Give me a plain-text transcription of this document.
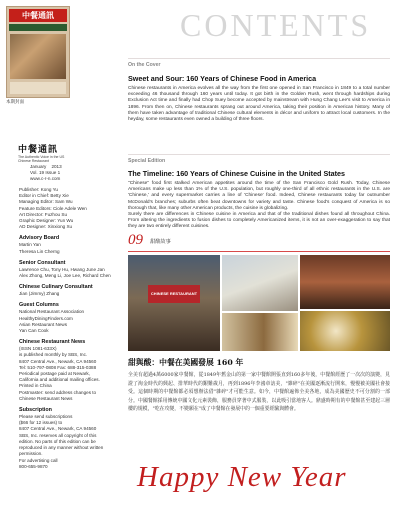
中餐通訊
本期封面
中餐通訊
The Authentic Voice in the US
Chinese Restaurant
January    2013
Vol. 19 Issue 1
www.c-r-n.com
Publisher: Kong Yu
Editor in Chief: Betty Xie
Managing Editor: Sam Wu
Feature Editors: Ciole Adele Wen
Art Director: Fuzhou Su
Graphic Designer: Yun Wu
AD Designer: Xinxiong Xu
Advisory Board
Martin Yan
Theresa Lin Cherng
Senior Consultant
Lawrence Chu, Tony Hu, Hwang June Jan
Alex Zhong, Meng Li, Joe Lee, Richard Chen
Chinese Culinary Consultant
Jian (Jimmy) Zhang
Guest Columns
National Restaurant Association
HealthyDiningFinders.com
Asian Restaurant News
Yan Can Cook
Chinese Restaurant News
(ISSN 1081-633X)
is published monthly by SBS, Inc.
8407 Central Ave., Newark, CA 94560
Tel: 510-797-0808 Fax: 688-315-0388
Periodical postage paid at Newark,
California and additional mailing offices.
Printed in China
Postmaster: send address changes to
Chinese Restaurant News
Subscription
Please send subscriptions
($66 for 12 issues) to
8407 Central Ave., Newark, CA 94560
SBS, Inc. reserves all copyright of this
edition. No parts of this edition can be
reproduced in any manner without written
permission.
For advertising call
800-655-9870
CONTENTS
On the Cover
Sweet and Sour: 160 Years of Chinese Food in America
Chinese restaurants in America evolves all the way from the first one opened in San Francisco in 1849 to a total number exceeding 46 thousand through 160 years until today. It got birth in the Golden Rush, went through hardships during Exclusion Act time and finally had Chop Suey become accepted by mainstream with Hung Chang Lee's visit to America in 1896. From then on, Chinese restaurants sprang out around America, taking their position in American history. Many of them have taken advantage of traditional Chinese cultural elements in décor and uniform to attract local customers. In the heyday, some restaurants even owned a building of three floors.
Special Edition
The Timeline: 160 Years of Chinese Cuisine in the United States
"Chinese" food first stalked American appetites around the time of the San Francisco Gold Rush. Today, Chinese Americans make up less than 1% of the U.S. population, but roughly one-third of all ethnic restaurants in the U.S. are 'Chinese,' and every supermarket carries a line of 'Chinese' food. Indeed, Chinese restaurants today far outnumber McDonald's branches; suburbs often beat downtowns for variety and taste. Chinese food's conquest of America is so thorough that, like many other American products, the cuisine is globalizing.
Surely there are differences in Chinese cuisine in America and that of the traditional dishes found all throughout China. From altering the ingredients to fusion dishes to completely Americanized items, it is not an over-exaggeration to say that they are two entirely different cuisines.
09 甜酸故事
CHINESE RESTAURANT
甜與酸：中餐在美國發展 160 年
全美有超過4萬6000家中餐館，從1849年舊金山的第一家中餐館開張直到160多年後，中餐館經歷了一次次的演變，見證了淘金時代的興起、排華時代的艱難歲月，再到1896年李鴻章訪美，"雜碎"在美國逐漸流行開來，慢慢被美國社會接受。這個時期的中餐館都必須想辦法借"雜碎"才可能生意。如今，中餐館遍佈全美各地，成為美國歷史不可分割的一部分。中國餐館採用傳統中國文化元素裝飾，服務員穿著中式服裝，以此吸引當地客人。鼎盛時期有的中餐館甚至建起三層樓的規模，"吃在攻變，不變願在"成了中餐館在發展中的一個重要經驗與體會。
Happy New Year
